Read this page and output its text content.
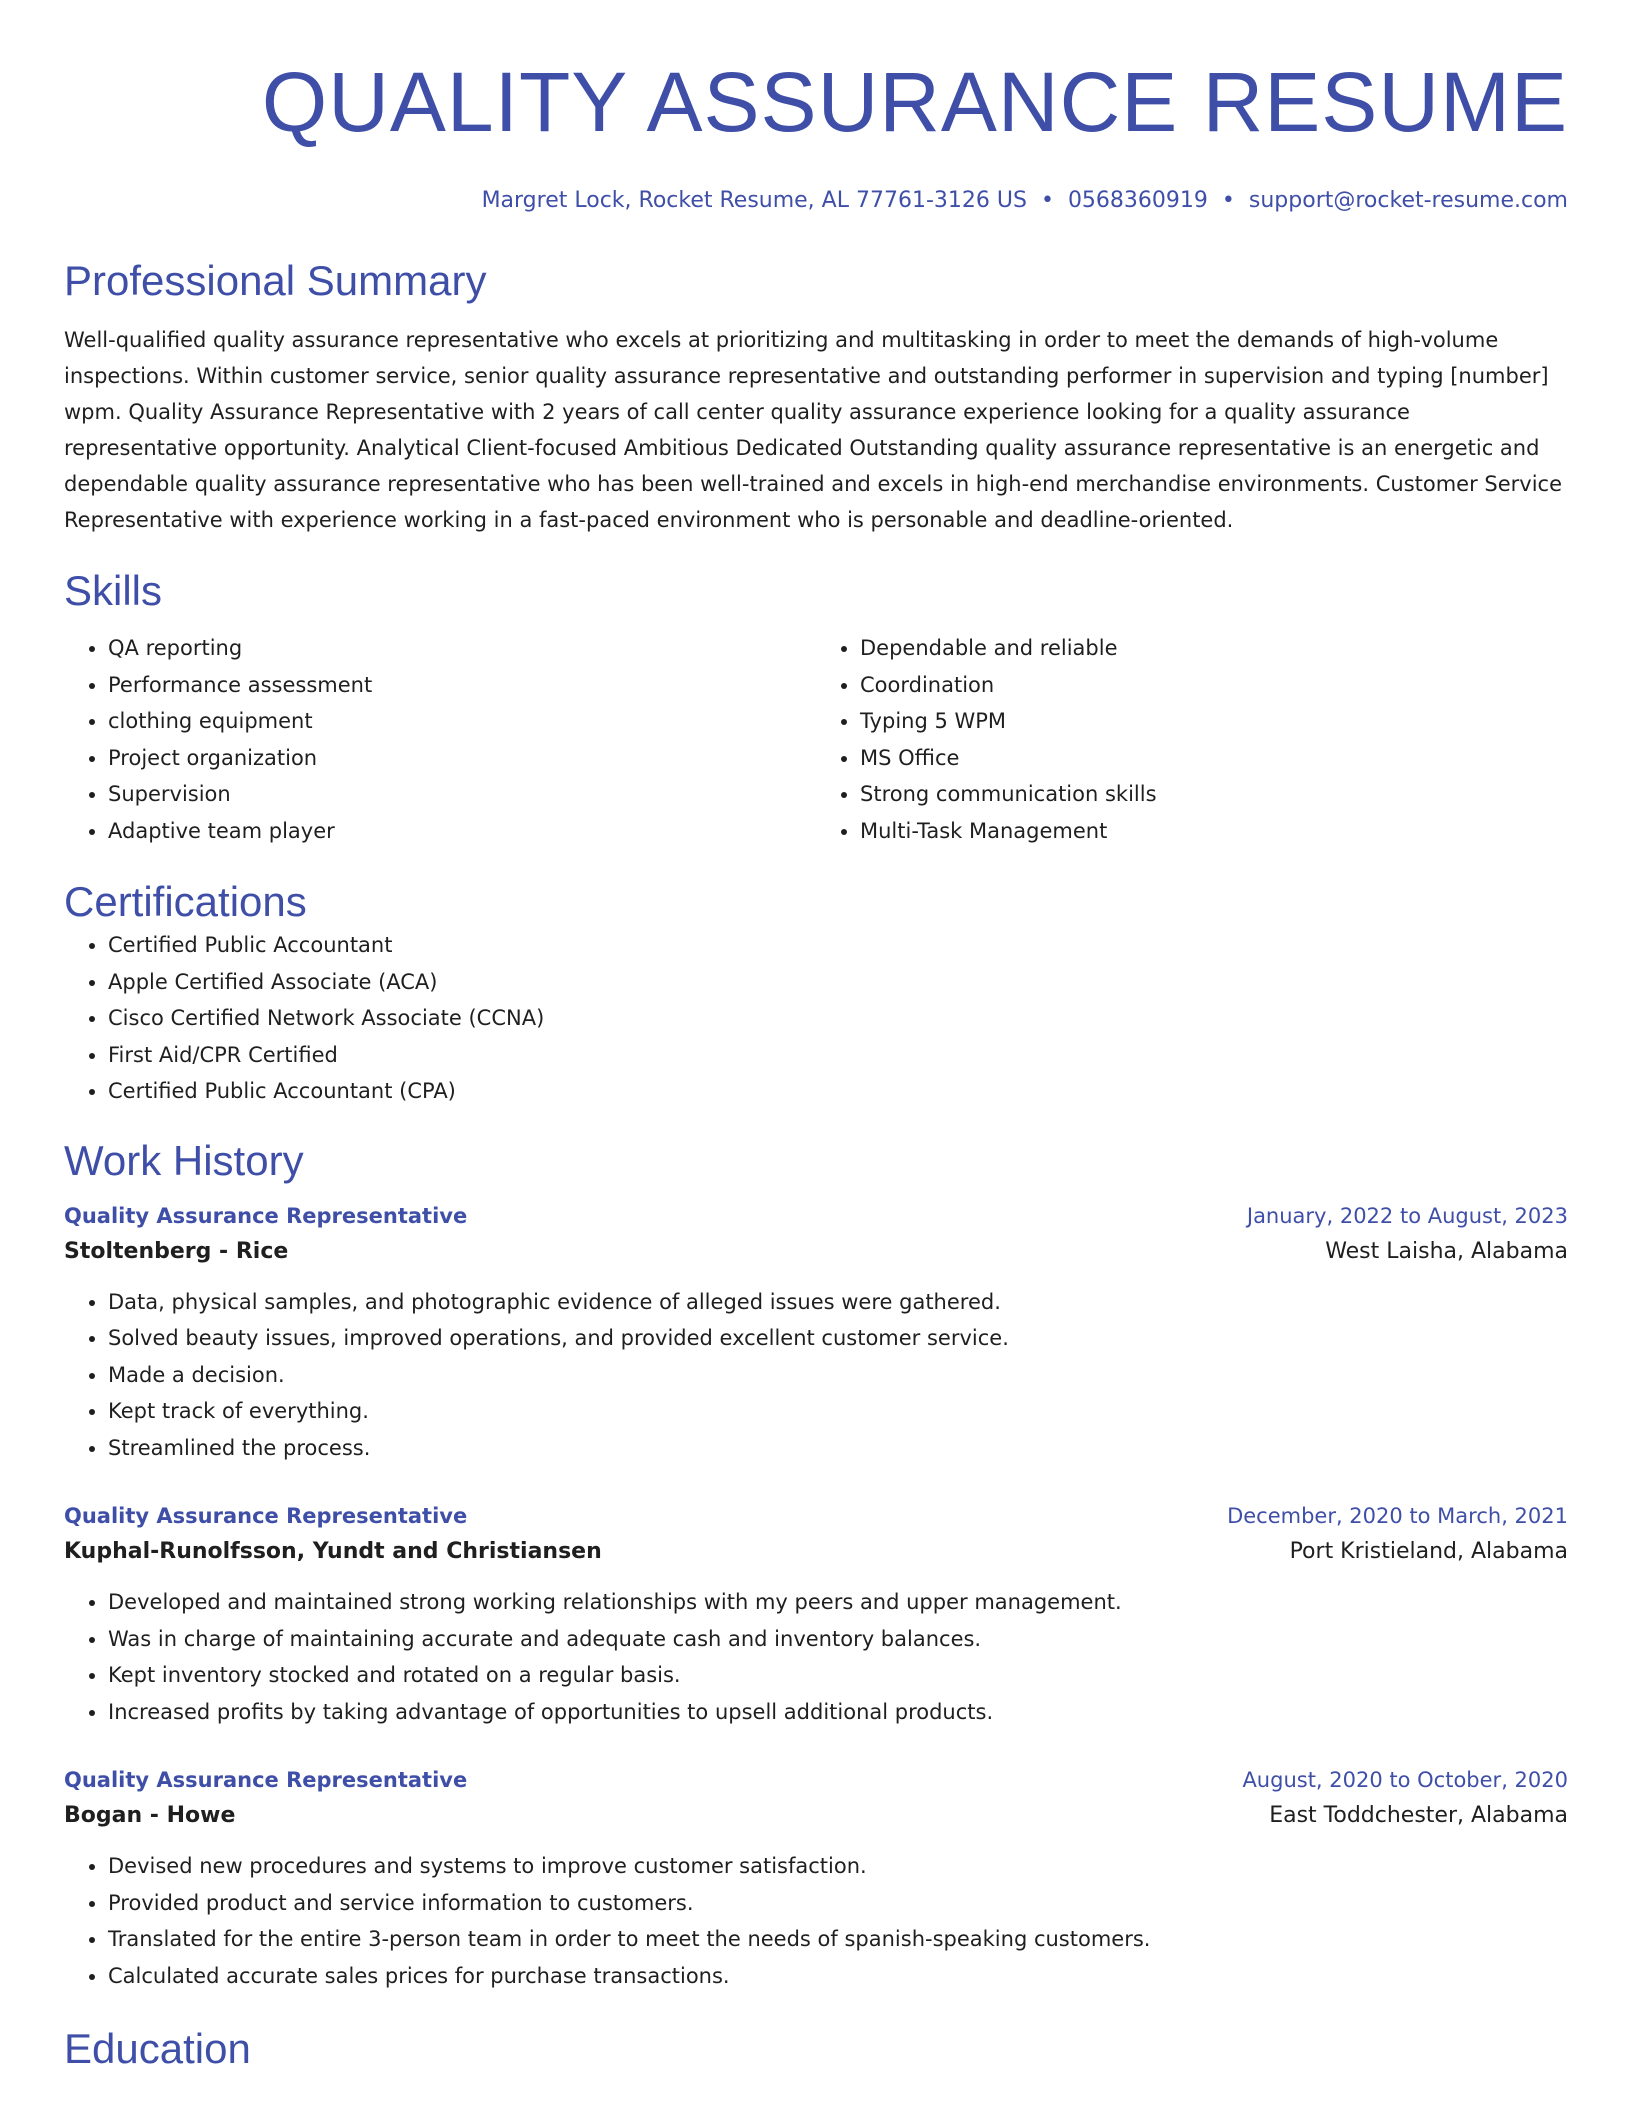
QUALITY ASSURANCE RESUME
Margret Lock, Rocket Resume, AL 77761-3126 US • 0568360919 • support@rocket-resume.com
Professional Summary
Well-qualified quality assurance representative who excels at prioritizing and multitasking in order to meet the demands of high-volume inspections. Within customer service, senior quality assurance representative and outstanding performer in supervision and typing [number] wpm. Quality Assurance Representative with 2 years of call center quality assurance experience looking for a quality assurance representative opportunity. Analytical Client-focused Ambitious Dedicated Outstanding quality assurance representative is an energetic and dependable quality assurance representative who has been well-trained and excels in high-end merchandise environments. Customer Service Representative with experience working in a fast-paced environment who is personable and deadline-oriented.
Skills
• QA reporting
• Performance assessment
• clothing equipment
• Project organization
• Supervision
• Adaptive team player
• Dependable and reliable
• Coordination
• Typing 5 WPM
• MS Office
• Strong communication skills
• Multi-Task Management
Certifications
• Certified Public Accountant
• Apple Certified Associate (ACA)
• Cisco Certified Network Associate (CCNA)
• First Aid/CPR Certified
• Certified Public Accountant (CPA)
Work History
Quality Assurance Representative	January, 2022 to August, 2023
Stoltenberg - Rice	West Laisha, Alabama
• Data, physical samples, and photographic evidence of alleged issues were gathered.
• Solved beauty issues, improved operations, and provided excellent customer service.
• Made a decision.
• Kept track of everything.
• Streamlined the process.
Quality Assurance Representative	December, 2020 to March, 2021
Kuphal-Runolfsson, Yundt and Christiansen	Port Kristieland, Alabama
• Developed and maintained strong working relationships with my peers and upper management.
• Was in charge of maintaining accurate and adequate cash and inventory balances.
• Kept inventory stocked and rotated on a regular basis.
• Increased profits by taking advantage of opportunities to upsell additional products.
Quality Assurance Representative	August, 2020 to October, 2020
Bogan - Howe	East Toddchester, Alabama
• Devised new procedures and systems to improve customer satisfaction.
• Provided product and service information to customers.
• Translated for the entire 3-person team in order to meet the needs of spanish-speaking customers.
• Calculated accurate sales prices for purchase transactions.
Education
